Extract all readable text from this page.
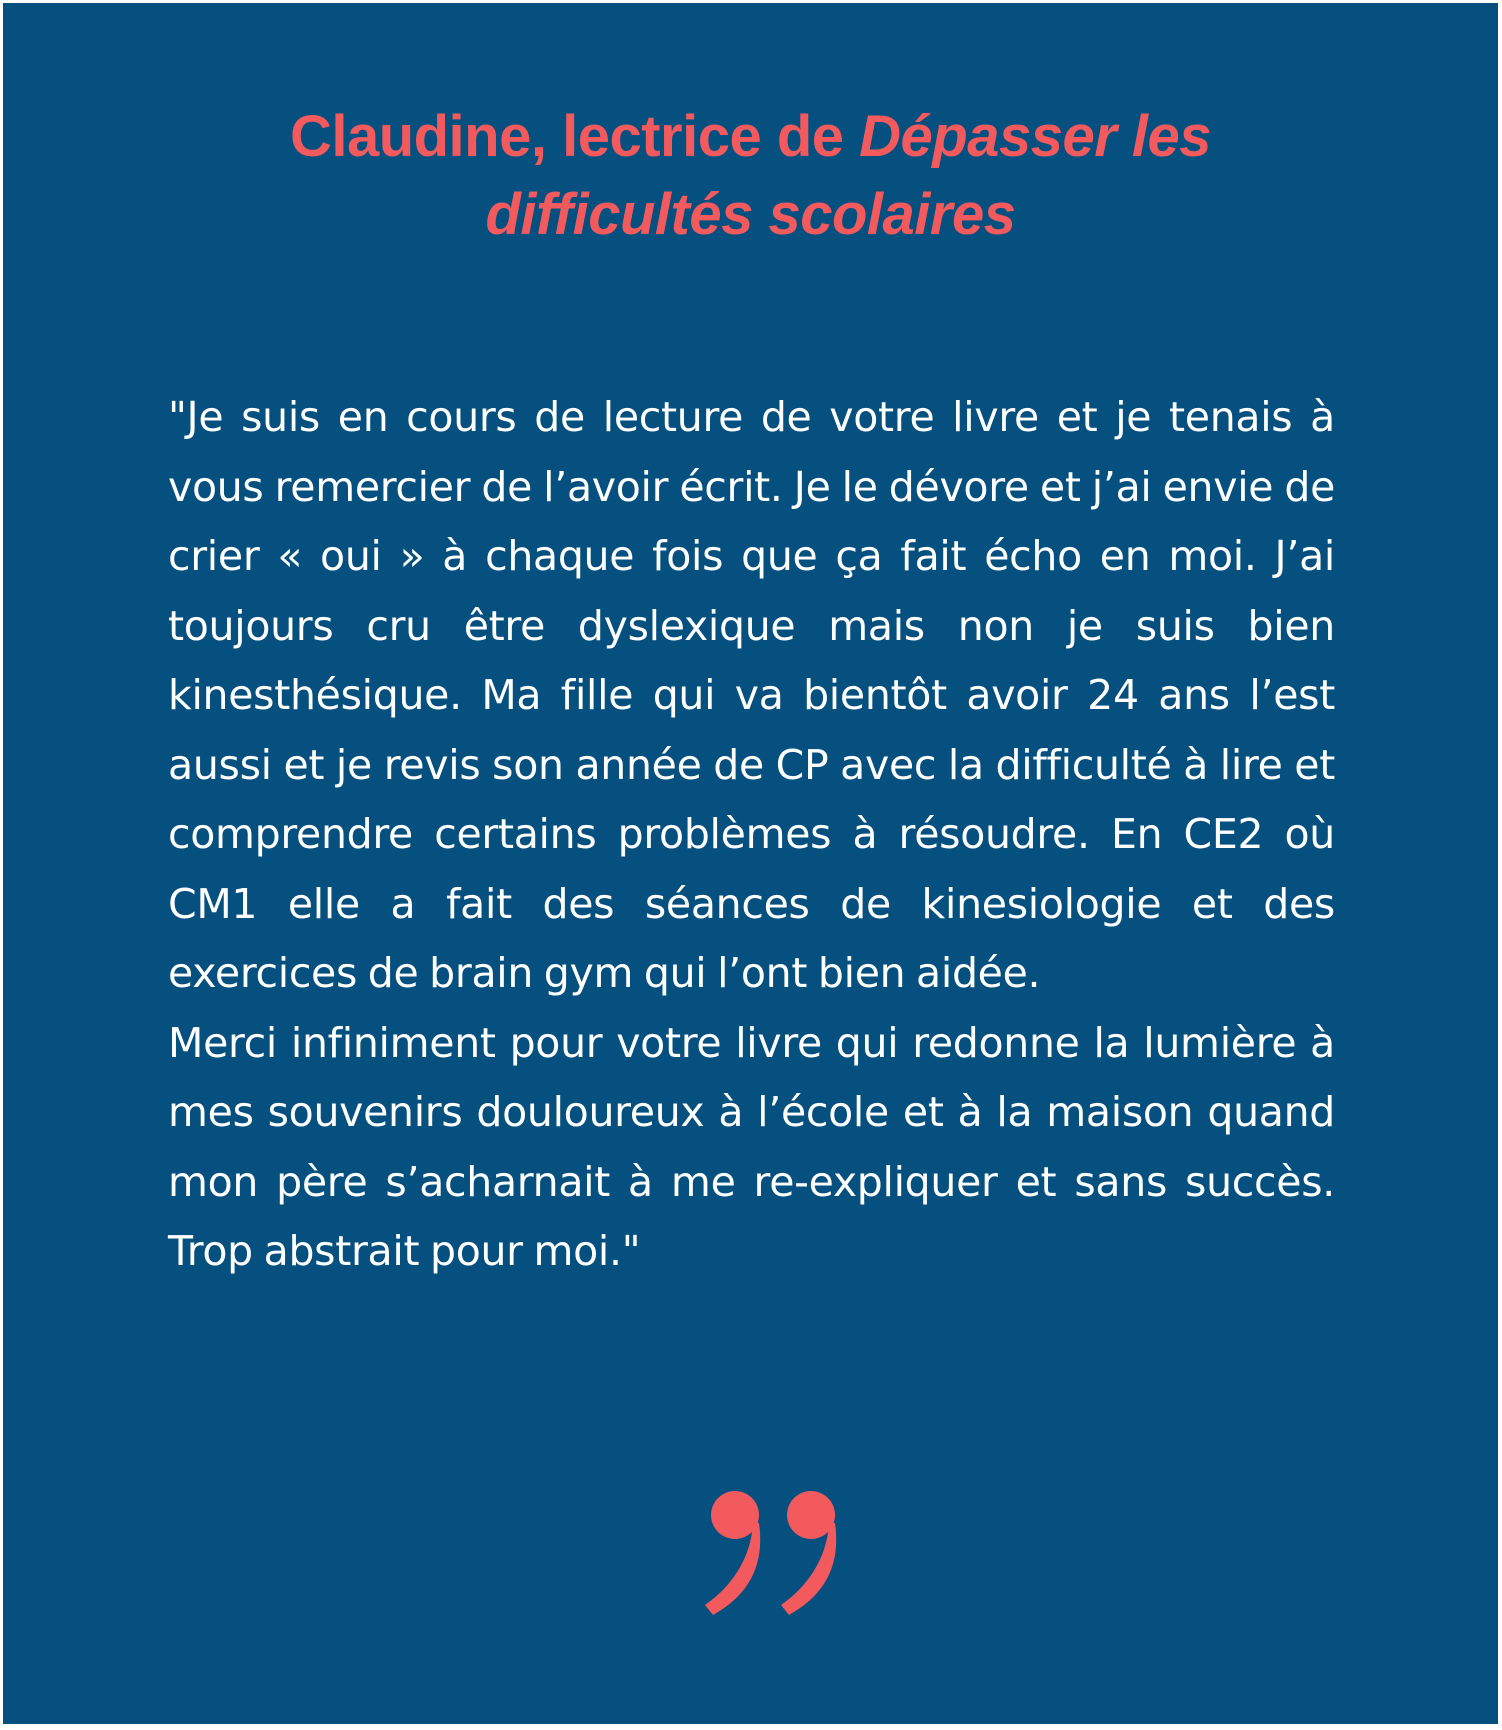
Claudine, lectrice de Dépasser les
difficultés scolaires

"Je suis en cours de lecture de votre livre et je tenais à vous remercier de l’avoir écrit. Je le dévore et j’ai envie de crier « oui » à chaque fois que ça fait écho en moi. J’ai toujours cru être dyslexique mais non je suis bien kinesthésique. Ma fille qui va bientôt avoir 24 ans l’est aussi et je revis son année de CP avec la difficulté à lire et comprendre certains problèmes à résoudre. En CE2 où CM1 elle a fait des séances de kinesiologie et des exercices de brain gym qui l’ont bien aidée.
Merci infiniment pour votre livre qui redonne la lumière à mes souvenirs douloureux à l’école et à la maison quand mon père s’acharnait à me re-expliquer et sans succès. Trop abstrait pour moi."
